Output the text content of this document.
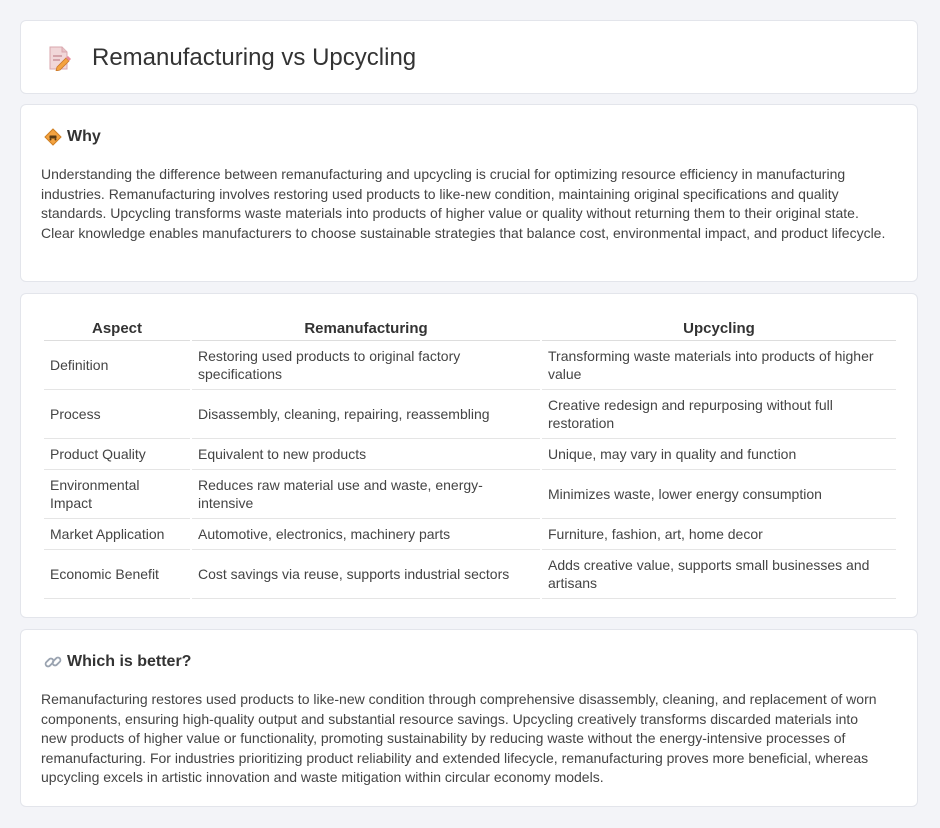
Remanufacturing vs Upcycling
Why

Understanding the difference between remanufacturing and upcycling is crucial for optimizing resource efficiency in manufacturing industries. Remanufacturing involves restoring used products to like-new condition, maintaining original specifications and quality standards. Upcycling transforms waste materials into products of higher value or quality without returning them to their original state. Clear knowledge enables manufacturers to choose sustainable strategies that balance cost, environmental impact, and product lifecycle.

Aspect	Remanufacturing	Upcycling
Definition	Restoring used products to original factory specifications	Transforming waste materials into products of higher value
Process	Disassembly, cleaning, repairing, reassembling	Creative redesign and repurposing without full restoration
Product Quality	Equivalent to new products	Unique, may vary in quality and function
Environmental Impact	Reduces raw material use and waste, energy-intensive	Minimizes waste, lower energy consumption
Market Application	Automotive, electronics, machinery parts	Furniture, fashion, art, home decor
Economic Benefit	Cost savings via reuse, supports industrial sectors	Adds creative value, supports small businesses and artisans
Which is better?

Remanufacturing restores used products to like-new condition through comprehensive disassembly, cleaning, and replacement of worn components, ensuring high-quality output and substantial resource savings. Upcycling creatively transforms discarded materials into new products of higher value or functionality, promoting sustainability by reducing waste without the energy-intensive processes of remanufacturing. For industries prioritizing product reliability and extended lifecycle, remanufacturing proves more beneficial, whereas upcycling excels in artistic innovation and waste mitigation within circular economy models.
